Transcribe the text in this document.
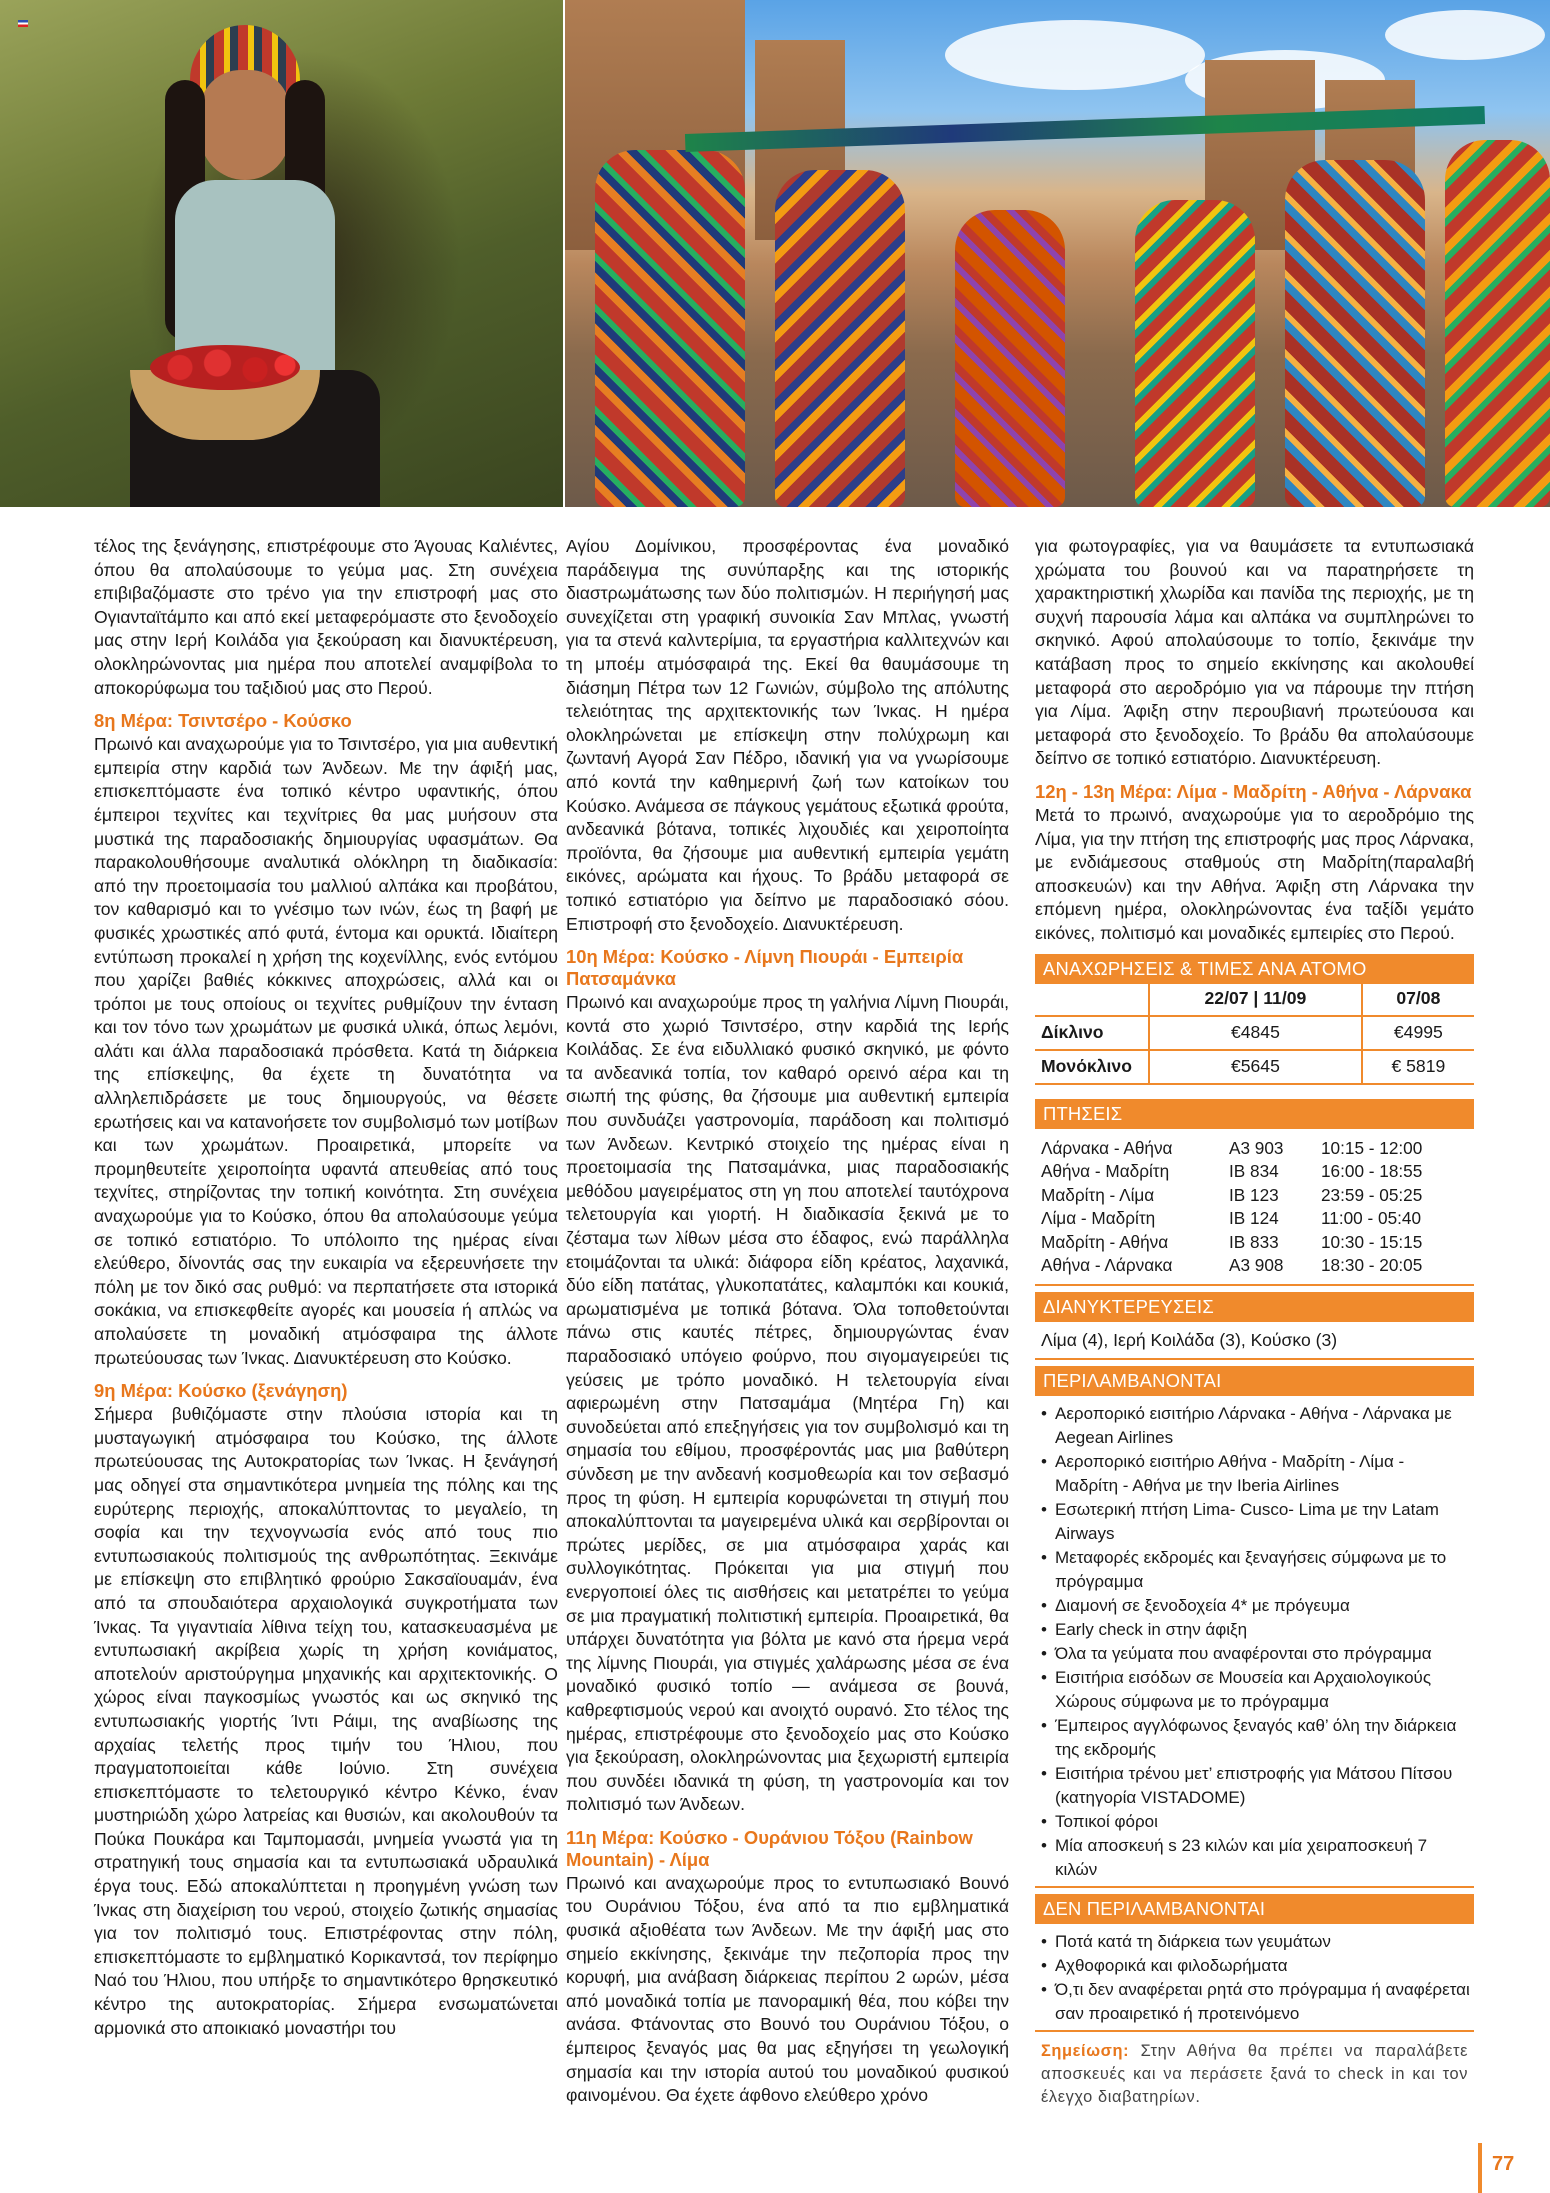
τέλος της ξενάγησης, επιστρέφουμε στο Άγουας Καλιέντες, όπου θα απολαύσουμε το γεύμα μας. Στη συνέχεια επιβιβαζόμαστε στο τρένο για την επιστροφή μας στο Ογιανταϊτάμπο και από εκεί μεταφερόμαστε στο ξενοδοχείο μας στην Ιερή Κοιλάδα για ξεκούραση και διανυκτέρευση, ολοκληρώνοντας μια ημέρα που αποτελεί αναμφίβολα το αποκορύφωμα του ταξιδιού μας στο Περού.

8η Μέρα: Τσιντσέρο - Κούσκο

Πρωινό και αναχωρούμε για το Τσιντσέρο, για μια αυθεντική εμπειρία στην καρδιά των Άνδεων. Με την άφιξή μας, επισκεπτόμαστε ένα τοπικό κέντρο υφαντικής, όπου έμπειροι τεχνίτες και τεχνίτριες θα μας μυήσουν στα μυστικά της παραδοσιακής δημιουργίας υφασμάτων. Θα παρακολουθήσουμε αναλυτικά ολόκληρη τη διαδικασία: από την προετοιμασία του μαλλιού αλπάκα και προβάτου, τον καθαρισμό και το γνέσιμο των ινών, έως τη βαφή με φυσικές χρωστικές από φυτά, έντομα και ορυκτά. Ιδιαίτερη εντύπωση προκαλεί η χρήση της κοχενίλλης, ενός εντόμου που χαρίζει βαθιές κόκκινες αποχρώσεις, αλλά και οι τρόποι με τους οποίους οι τεχνίτες ρυθμίζουν την ένταση και τον τόνο των χρωμάτων με φυσικά υλικά, όπως λεμόνι, αλάτι και άλλα παραδοσιακά πρόσθετα. Κατά τη διάρκεια της επίσκεψης, θα έχετε τη δυνατότητα να αλληλεπιδράσετε με τους δημιουργούς, να θέσετε ερωτήσεις και να κατανοήσετε τον συμβολισμό των μοτίβων και των χρωμάτων. Προαιρετικά, μπορείτε να προμηθευτείτε χειροποίητα υφαντά απευθείας από τους τεχνίτες, στηρίζοντας την τοπική κοινότητα. Στη συνέχεια αναχωρούμε για το Κούσκο, όπου θα απολαύσουμε γεύμα σε τοπικό εστιατόριο. Το υπόλοιπο της ημέρας είναι ελεύθερο, δίνοντάς σας την ευκαιρία να εξερευνήσετε την πόλη με τον δικό σας ρυθμό: να περπατήσετε στα ιστορικά σοκάκια, να επισκεφθείτε αγορές και μουσεία ή απλώς να απολαύσετε τη μοναδική ατμόσφαιρα της άλλοτε πρωτεύουσας των Ίνκας. Διανυκτέρευση στο Κούσκο.

9η Μέρα: Κούσκο (ξενάγηση)

Σήμερα βυθιζόμαστε στην πλούσια ιστορία και τη μυσταγωγική ατμόσφαιρα του Κούσκο, της άλλοτε πρωτεύουσας της Αυτοκρατορίας των Ίνκας. Η ξενάγησή μας οδηγεί στα σημαντικότερα μνημεία της πόλης και της ευρύτερης περιοχής, αποκαλύπτοντας το μεγαλείο, τη σοφία και την τεχνογνωσία ενός από τους πιο εντυπωσιακούς πολιτισμούς της ανθρωπότητας. Ξεκινάμε με επίσκεψη στο επιβλητικό φρούριο Σακσαϊουαμάν, ένα από τα σπουδαιότερα αρχαιολογικά συγκροτήματα των Ίνκας. Τα γιγαντιαία λίθινα τείχη του, κατασκευασμένα με εντυπωσιακή ακρίβεια χωρίς τη χρήση κονιάματος, αποτελούν αριστούργημα μηχανικής και αρχιτεκτονικής. Ο χώρος είναι παγκοσμίως γνωστός και ως σκηνικό της εντυπωσιακής γιορτής Ίντι Ράιμι, της αναβίωσης της αρχαίας τελετής προς τιμήν του Ήλιου, που πραγματοποιείται κάθε Ιούνιο. Στη συνέχεια επισκεπτόμαστε το τελετουργικό κέντρο Κένκο, έναν μυστηριώδη χώρο λατρείας και θυσιών, και ακολουθούν τα Πούκα Πουκάρα και Ταμπομασάι, μνημεία γνωστά για τη στρατηγική τους σημασία και τα εντυπωσιακά υδραυλικά έργα τους. Εδώ αποκαλύπτεται η προηγμένη γνώση των Ίνκας στη διαχείριση του νερού, στοιχείο ζωτικής σημασίας για τον πολιτισμό τους. Επιστρέφοντας στην πόλη, επισκεπτόμαστε το εμβληματικό Κορικαντσά, τον περίφημο Ναό του Ήλιου, που υπήρξε το σημαντικότερο θρησκευτικό κέντρο της αυτοκρατορίας. Σήμερα ενσωματώνεται αρμονικά στο αποικιακό μοναστήρι του

Αγίου Δομίνικου, προσφέροντας ένα μοναδικό παράδειγμα της συνύπαρξης και της ιστορικής διαστρωμάτωσης των δύο πολιτισμών. Η περιήγησή μας συνεχίζεται στη γραφική συνοικία Σαν Μπλας, γνωστή για τα στενά καλντερίμια, τα εργαστήρια καλλιτεχνών και τη μποέμ ατμόσφαιρά της. Εκεί θα θαυμάσουμε τη διάσημη Πέτρα των 12 Γωνιών, σύμβολο της απόλυτης τελειότητας της αρχιτεκτονικής των Ίνκας. Η ημέρα ολοκληρώνεται με επίσκεψη στην πολύχρωμη και ζωντανή Αγορά Σαν Πέδρο, ιδανική για να γνωρίσουμε από κοντά την καθημερινή ζωή των κατοίκων του Κούσκο. Ανάμεσα σε πάγκους γεμάτους εξωτικά φρούτα, ανδεανικά βότανα, τοπικές λιχουδιές και χειροποίητα προϊόντα, θα ζήσουμε μια αυθεντική εμπειρία γεμάτη εικόνες, αρώματα και ήχους. Το βράδυ μεταφορά σε τοπικό εστιατόριο για δείπνο με παραδοσιακό σόου. Επιστροφή στο ξενοδοχείο. Διανυκτέρευση.

10η Μέρα: Κούσκο - Λίμνη Πιουράι - Εμπειρία Πατσαμάνκα

Πρωινό και αναχωρούμε προς τη γαλήνια Λίμνη Πιουράι, κοντά στο χωριό Τσιντσέρο, στην καρδιά της Ιερής Κοιλάδας. Σε ένα ειδυλλιακό φυσικό σκηνικό, με φόντο τα ανδεανικά τοπία, τον καθαρό ορεινό αέρα και τη σιωπή της φύσης, θα ζήσουμε μια αυθεντική εμπειρία που συνδυάζει γαστρονομία, παράδοση και πολιτισμό των Άνδεων. Κεντρικό στοιχείο της ημέρας είναι η προετοιμασία της Πατσαμάνκα, μιας παραδοσιακής μεθόδου μαγειρέματος στη γη που αποτελεί ταυτόχρονα τελετουργία και γιορτή. Η διαδικασία ξεκινά με το ζέσταμα των λίθων μέσα στο έδαφος, ενώ παράλληλα ετοιμάζονται τα υλικά: διάφορα είδη κρέατος, λαχανικά, δύο είδη πατάτας, γλυκοπατάτες, καλαμπόκι και κουκιά, αρωματισμένα με τοπικά βότανα. Όλα τοποθετούνται πάνω στις καυτές πέτρες, δημιουργώντας έναν παραδοσιακό υπόγειο φούρνο, που σιγομαγειρεύει τις γεύσεις με τρόπο μοναδικό. Η τελετουργία είναι αφιερωμένη στην Πατσαμάμα (Μητέρα Γη) και συνοδεύεται από επεξηγήσεις για τον συμβολισμό και τη σημασία του εθίμου, προσφέροντάς μας μια βαθύτερη σύνδεση με την ανδεανή κοσμοθεωρία και τον σεβασμό προς τη φύση. Η εμπειρία κορυφώνεται τη στιγμή που αποκαλύπτονται τα μαγειρεμένα υλικά και σερβίρονται οι πρώτες μερίδες, σε μια ατμόσφαιρα χαράς και συλλογικότητας. Πρόκειται για μια στιγμή που ενεργοποιεί όλες τις αισθήσεις και μετατρέπει το γεύμα σε μια πραγματική πολιτιστική εμπειρία. Προαιρετικά, θα υπάρχει δυνατότητα για βόλτα με κανό στα ήρεμα νερά της λίμνης Πιουράι, για στιγμές χαλάρωσης μέσα σε ένα μοναδικό φυσικό τοπίο — ανάμεσα σε βουνά, καθρεφτισμούς νερού και ανοιχτό ουρανό. Στο τέλος της ημέρας, επιστρέφουμε στο ξενοδοχείο μας στο Κούσκο για ξεκούραση, ολοκληρώνοντας μια ξεχωριστή εμπειρία που συνδέει ιδανικά τη φύση, τη γαστρονομία και τον πολιτισμό των Άνδεων.

11η Μέρα: Κούσκο - Ουράνιου Τόξου (Rainbow Mountain) - Λίμα

Πρωινό και αναχωρούμε προς το εντυπωσιακό Βουνό του Ουράνιου Τόξου, ένα από τα πιο εμβληματικά φυσικά αξιοθέατα των Άνδεων. Με την άφιξή μας στο σημείο εκκίνησης, ξεκινάμε την πεζοπορία προς την κορυφή, μια ανάβαση διάρκειας περίπου 2 ωρών, μέσα από μοναδικά τοπία με πανοραμική θέα, που κόβει την ανάσα. Φτάνοντας στο Βουνό του Ουράνιου Τόξου, ο έμπειρος ξεναγός μας θα μας εξηγήσει τη γεωλογική σημασία και την ιστορία αυτού του μοναδικού φυσικού φαινομένου. Θα έχετε άφθονο ελεύθερο χρόνο

για φωτογραφίες, για να θαυμάσετε τα εντυπωσιακά χρώματα του βουνού και να παρατηρήσετε τη χαρακτηριστική χλωρίδα και πανίδα της περιοχής, με τη συχνή παρουσία λάμα και αλπάκα να συμπληρώνει το σκηνικό. Αφού απολαύσουμε το τοπίο, ξεκινάμε την κατάβαση προς το σημείο εκκίνησης και ακολουθεί μεταφορά στο αεροδρόμιο για να πάρουμε την πτήση για Λίμα. Άφιξη στην περουβιανή πρωτεύουσα και μεταφορά στο ξενοδοχείο. Το βράδυ θα απολαύσουμε δείπνο σε τοπικό εστιατόριο. Διανυκτέρευση.

12η - 13η Μέρα: Λίμα - Μαδρίτη - Αθήνα - Λάρνακα

Μετά το πρωινό, αναχωρούμε για το αεροδρόμιο της Λίμα, για την πτήση της επιστροφής μας προς Λάρνακα, με ενδιάμεσους σταθμούς στη Μαδρίτη(παραλαβή αποσκευών) και την Αθήνα. Άφιξη στη Λάρνακα την επόμενη ημέρα, ολοκληρώνοντας ένα ταξίδι γεμάτο εικόνες, πολιτισμό και μοναδικές εμπειρίες στο Περού.

ΑΝΑΧΩΡΗΣΕΙΣ & ΤΙΜΕΣ ΑΝΑ ΑΤΟΜΟ
	22/07 | 11/09	07/08
Δίκλινο	€4845	€4995
Μονόκλινο	€5645	€ 5819
ΠΤΗΣΕΙΣ
Λάρνακα - Αθήνα	A3 903	10:15 - 12:00
Αθήνα - Μαδρίτη	IB 834	16:00 - 18:55
Μαδρίτη - Λίμα	IB 123	23:59 - 05:25
Λίμα - Μαδρίτη	IB 124	11:00 - 05:40
Μαδρίτη - Αθήνα	IB 833	10:30 - 15:15
Αθήνα - Λάρνακα	A3 908	18:30 - 20:05
ΔΙΑΝΥΚΤΕΡΕΥΣΕΙΣ
Λίμα (4), Ιερή Κοιλάδα (3), Κούσκο (3)
ΠΕΡΙΛΑΜΒΑΝΟΝΤΑΙ
• Αεροπορικό εισιτήριο Λάρνακα - Αθήνα - Λάρνακα με Aegean Airlines
• Αεροπορικό εισιτήριο Αθήνα - Μαδρίτη - Λίμα - Μαδρίτη - Αθήνα με την Iberia Airlines
• Εσωτερική πτήση Lima- Cusco- Lima με την Latam Airways
• Μεταφορές εκδρομές και ξεναγήσεις σύμφωνα με το πρόγραμμα
• Διαμονή σε ξενοδοχεία 4* με πρόγευμα
• Early check in στην άφιξη
• Όλα τα γεύματα που αναφέρονται στο πρόγραμμα
• Εισιτήρια εισόδων σε Μουσεία και Αρχαιολογικούς Χώρους σύμφωνα με το πρόγραμμα
• Έμπειρος αγγλόφωνος ξεναγός καθ’ όλη την διάρκεια της εκδρομής
• Εισιτήρια τρένου μετ’ επιστροφής για Μάτσου Πίτσου (κατηγορία VISTADOME)
• Τοπικοί φόροι
• Μία αποσκευή s 23 κιλών και μία χειραποσκευή 7 κιλών
ΔΕΝ ΠΕΡΙΛΑΜΒΑΝΟΝΤΑΙ
• Ποτά κατά τη διάρκεια των γευμάτων
• Αχθοφορικά και φιλοδωρήματα
• Ό,τι δεν αναφέρεται ρητά στο πρόγραμμα ή αναφέρεται σαν προαιρετικό ή προτεινόμενο

Σημείωση: Στην Αθήνα θα πρέπει να παραλάβετε αποσκευές και να περάσετε ξανά το check in και τον έλεγχο διαβατηρίων.

77
